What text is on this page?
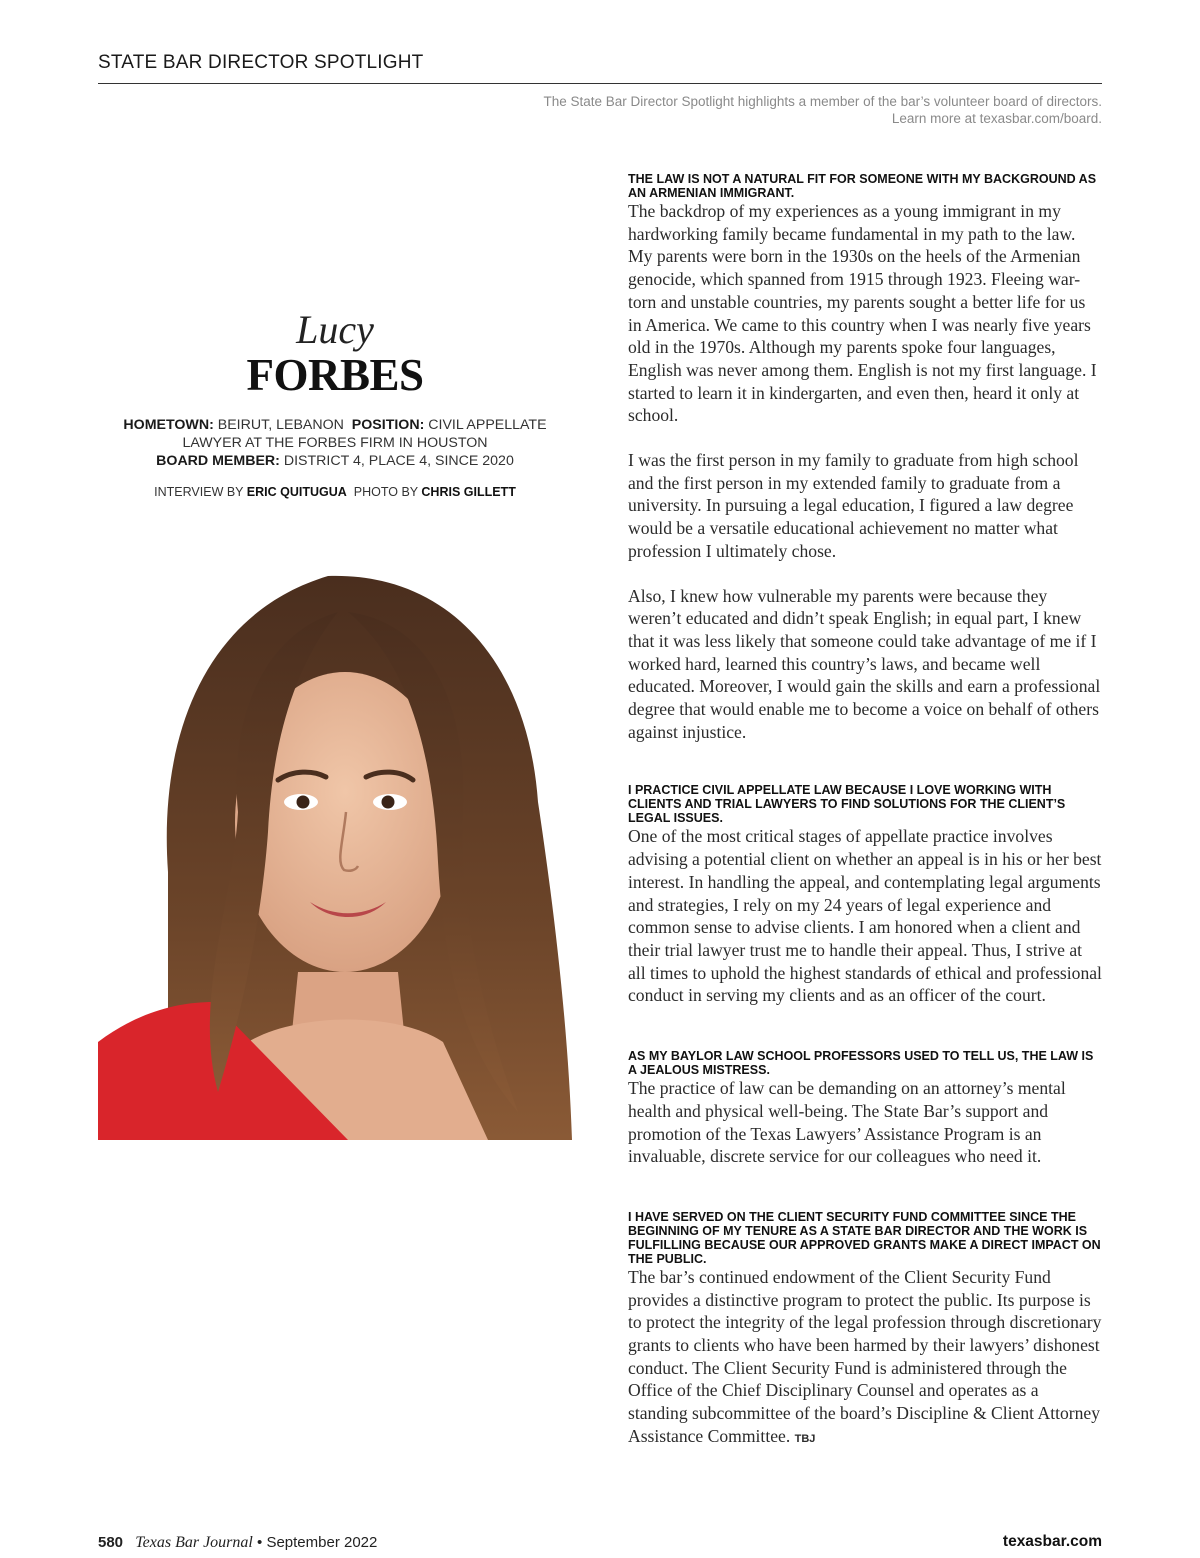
STATE BAR DIRECTOR SPOTLIGHT
The State Bar Director Spotlight highlights a member of the bar’s volunteer board of directors.
Learn more at texasbar.com/board.
Lucy
FORBES
HOMETOWN: BEIRUT, LEBANON POSITION: CIVIL APPELLATE LAWYER AT THE FORBES FIRM IN HOUSTON
BOARD MEMBER: DISTRICT 4, PLACE 4, SINCE 2020
INTERVIEW BY ERIC QUITUGUA PHOTO BY CHRIS GILLETT
THE LAW IS NOT A NATURAL FIT FOR SOMEONE WITH MY BACKGROUND AS AN ARMENIAN IMMIGRANT.
The backdrop of my experiences as a young immigrant in my hardworking family became fundamental in my path to the law. My parents were born in the 1930s on the heels of the Armenian genocide, which spanned from 1915 through 1923. Fleeing war-torn and unstable countries, my parents sought a better life for us in America. We came to this country when I was nearly five years old in the 1970s. Although my parents spoke four languages, English was never among them. English is not my first language. I started to learn it in kindergarten, and even then, heard it only at school.
I was the first person in my family to graduate from high school and the first person in my extended family to graduate from a university. In pursuing a legal education, I figured a law degree would be a versatile educational achievement no matter what profession I ultimately chose.
Also, I knew how vulnerable my parents were because they weren’t educated and didn’t speak English; in equal part, I knew that it was less likely that someone could take advantage of me if I worked hard, learned this country’s laws, and became well educated. Moreover, I would gain the skills and earn a professional degree that would enable me to become a voice on behalf of others against injustice.
I PRACTICE CIVIL APPELLATE LAW BECAUSE I LOVE WORKING WITH CLIENTS AND TRIAL LAWYERS TO FIND SOLUTIONS FOR THE CLIENT’S LEGAL ISSUES.
One of the most critical stages of appellate practice involves advising a potential client on whether an appeal is in his or her best interest. In handling the appeal, and contemplating legal arguments and strategies, I rely on my 24 years of legal experience and common sense to advise clients. I am honored when a client and their trial lawyer trust me to handle their appeal. Thus, I strive at all times to uphold the highest standards of ethical and professional conduct in serving my clients and as an officer of the court.
AS MY BAYLOR LAW SCHOOL PROFESSORS USED TO TELL US, THE LAW IS A JEALOUS MISTRESS.
The practice of law can be demanding on an attorney’s mental health and physical well-being. The State Bar’s support and promotion of the Texas Lawyers’ Assistance Program is an invaluable, discrete service for our colleagues who need it.
I HAVE SERVED ON THE CLIENT SECURITY FUND COMMITTEE SINCE THE BEGINNING OF MY TENURE AS A STATE BAR DIRECTOR AND THE WORK IS FULFILLING BECAUSE OUR APPROVED GRANTS MAKE A DIRECT IMPACT ON THE PUBLIC.
The bar’s continued endowment of the Client Security Fund provides a distinctive program to protect the public. Its purpose is to protect the integrity of the legal profession through discretionary grants to clients who have been harmed by their lawyers’ dishonest conduct. The Client Security Fund is administered through the Office of the Chief Disciplinary Counsel and operates as a standing subcommittee of the board’s Discipline & Client Attorney Assistance Committee. TBJ
580 Texas Bar Journal • September 2022	texasbar.com
